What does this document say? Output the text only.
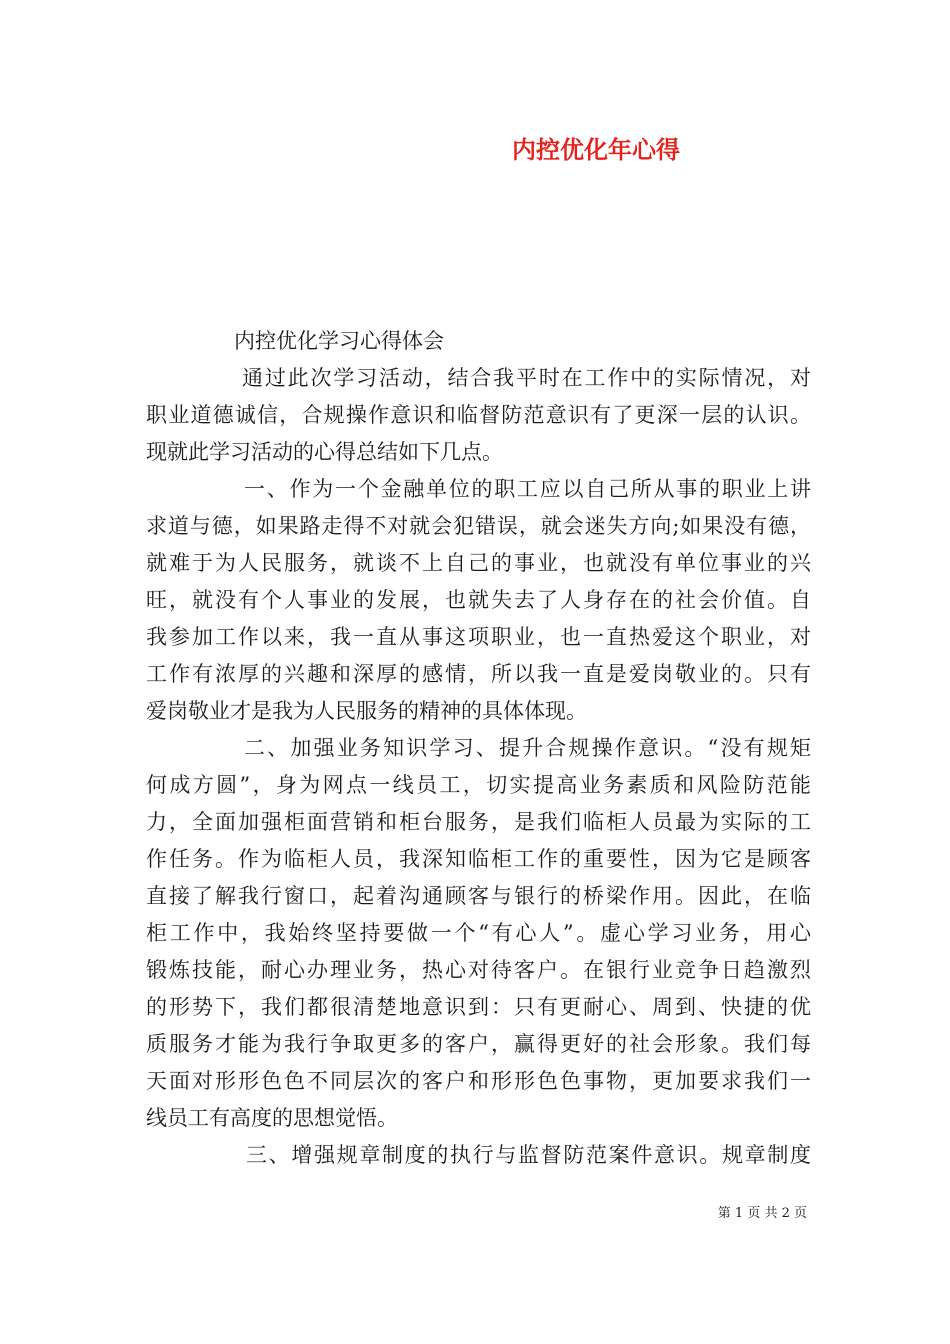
内控优化年心得
内控优化学习心得体会
通过此次学习活动，结合我平时在工作中的实际情况，对
职业道德诚信，合规操作意识和临督防范意识有了更深一层的认识。
现就此学习活动的心得总结如下几点。
一、作为一个金融单位的职工应以自己所从事的职业上讲
求道与德，如果路走得不对就会犯错误，就会迷失方向;如果没有德，
就难于为人民服务，就谈不上自己的事业，也就没有单位事业的兴
旺，就没有个人事业的发展，也就失去了人身存在的社会价值。自
我参加工作以来，我一直从事这项职业，也一直热爱这个职业，对
工作有浓厚的兴趣和深厚的感情，所以我一直是爱岗敬业的。只有
爱岗敬业才是我为人民服务的精神的具体体现。
二、加强业务知识学习、提升合规操作意识。“没有规矩
何成方圆”，身为网点一线员工，切实提高业务素质和风险防范能
力，全面加强柜面营销和柜台服务，是我们临柜人员最为实际的工
作任务。作为临柜人员，我深知临柜工作的重要性，因为它是顾客
直接了解我行窗口，起着沟通顾客与银行的桥梁作用。因此，在临
柜工作中，我始终坚持要做一个“有心人”。虚心学习业务，用心
锻炼技能，耐心办理业务，热心对待客户。在银行业竞争日趋激烈
的形势下，我们都很清楚地意识到：只有更耐心、周到、快捷的优
质服务才能为我行争取更多的客户，赢得更好的社会形象。我们每
天面对形形色色不同层次的客户和形形色色事物，更加要求我们一
线员工有高度的思想觉悟。
三、增强规章制度的执行与监督防范案件意识。规章制度
第 1 页 共 2 页
